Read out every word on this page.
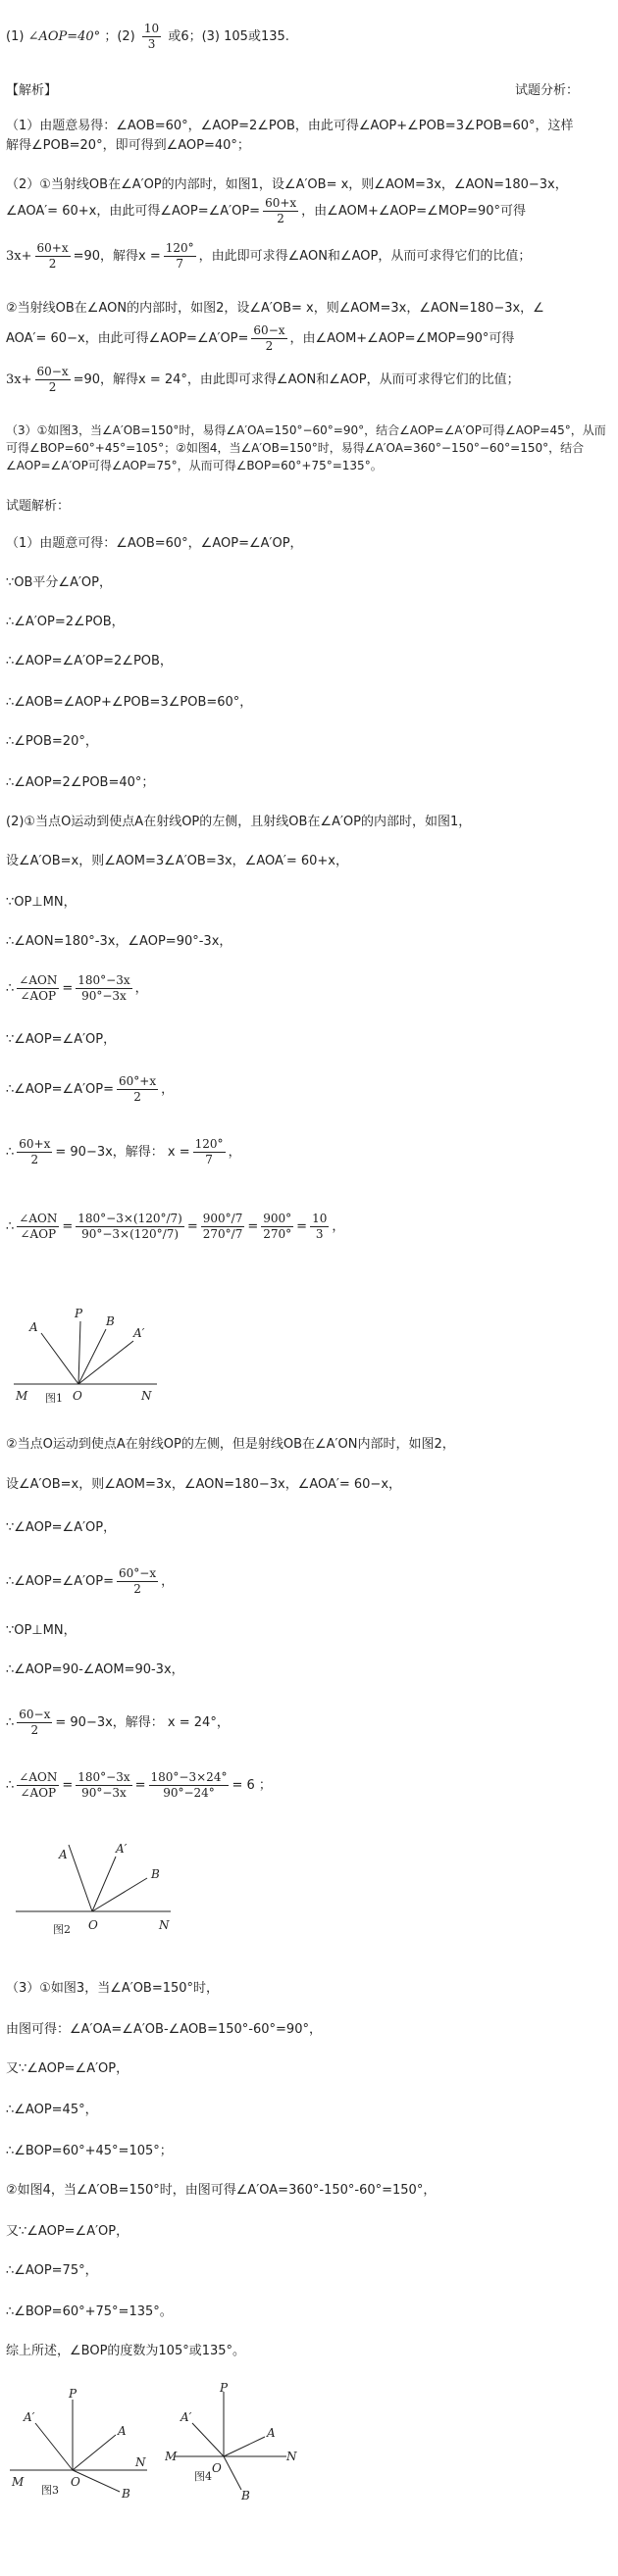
(1) ∠AOP=40° ；$(2) \frac{10}{3}$ 或6；(3) 105或135.
【解析】	试题分析：
（1）由题意易得：∠AOB=60°，∠AOP=2∠POB，由此可得∠AOP+∠POB=3∠POB=60°，这样
解得∠POB=20°，即可得到∠AOP=40°；
（2）①当射线OB在∠A′OP的内部时，如图1，设∠A′OB= x，则∠AOM=3x，∠AON=180−3x，
∠AOA′= 60+x，由此可得∠AOP=∠A′OP= $\frac{60+x}{2}$ ，由∠AOM+∠AOP=∠MOP=90°可得
$3x+ \frac{60+x}{2} =90$，解得$x = \frac{120^\circ}{7}$ ，由此即可求得∠AON和∠AOP，从而可求得它们的比值；
②当射线OB在∠AON的内部时，如图2，设∠A′OB= x，则∠AOM=3x，∠AON=180−3x，∠
AOA′= 60−x，由此可得∠AOP=∠A′OP= $\frac{60-x}{2}$ ，由∠AOM+∠AOP=∠MOP=90°可得
$3x+ \frac{60-x}{2} =90$，解得x = 24°，由此即可求得∠AON和∠AOP，从而可求得它们的比值；
（3）①如图3，当∠A′OB=150°时，易得∠A′OA=150°−60°=90°，结合∠AOP=∠A′OP可得∠AOP=45°，从而
可得∠BOP=60°+45°=105°；②如图4，当∠A′OB=150°时，易得∠A′OA=360°−150°−60°=150°，结合
∠AOP=∠A′OP可得∠AOP=75°，从而可得∠BOP=60°+75°=135°。
试题解析：
（1）由题意可得：∠AOB=60°，∠AOP=∠A′OP，
∵OB平分∠A′OP，
∴∠A′OP=2∠POB，
∴∠AOP=∠A′OP=2∠POB，
∴∠AOB=∠AOP+∠POB=3∠POB=60°，
∴∠POB=20°，
∴∠AOP=2∠POB=40°；
(2)①当点O运动到使点A在射线OP的左侧，且射线OB在∠A′OP的内部时，如图1，
设∠A′OB=x，则∠AOM=3∠A′OB=3x，∠AOA′= 60+x，
∵OP⊥MN，
∴∠AON=180°-3x，∠AOP=90°-3x，
∴ $\frac{\text{∠AON}}{\text{∠AOP}} = \frac{180^\circ-3x}{90^\circ-3x}$ ，
∵∠AOP=∠A′OP，
∴∠AOP=∠A′OP= $\frac{60^\circ+x}{2}$ ，
∴ $\frac{60+x}{2} = 90-3x$，解得： $x = \frac{120^\circ}{7}$ ，
∴ $\frac{\text{∠AON}}{\text{∠AOP}} = \frac{180^\circ-3\times(120^\circ/7)}{90^\circ-3\times(120^\circ/7)} = \frac{900^\circ/7}{270^\circ/7} = \frac{900^\circ}{270^\circ} = \frac{10}{3}$ ，
A
P
B
A′
M	O	N
图1
②当点O运动到使点A在射线OP的左侧，但是射线OB在∠A′ON内部时，如图2，
设∠A′OB=x，则∠AOM=3x，∠AON=180−3x，∠AOA′= 60−x，
∵∠AOP=∠A′OP，
∴∠AOP=∠A′OP= $\frac{60^\circ-x}{2}$ ，
∵OP⊥MN，
∴∠AOP=90-∠AOM=90-3x，
∴ $\frac{60-x}{2} = 90-3x$，解得： x = 24°，
∴ $\frac{\text{∠AON}}{\text{∠AOP}} = \frac{180^\circ-3x}{90^\circ-3x} = \frac{180^\circ-3\times 24^\circ}{90^\circ-24^\circ} = 6$ ；
A	A′
B
O	N
图2
（3）①如图3，当∠A′OB=150°时，
由图可得：∠A′OA=∠A′OB-∠AOB=150°-60°=90°，
又∵∠AOP=∠A′OP，
∴∠AOP=45°，
∴∠BOP=60°+45°=105°；
②如图4，当∠A′OB=150°时，由图可得∠A′OA=360°-150°-60°=150°，
又∵∠AOP=∠A′OP，
∴∠AOP=75°，
∴∠BOP=60°+75°=135°。
综上所述，∠BOP的度数为105°或135°。
A′
P
A
M	O
N
B
图3
A′
P
A
M
O
N
B
图4
